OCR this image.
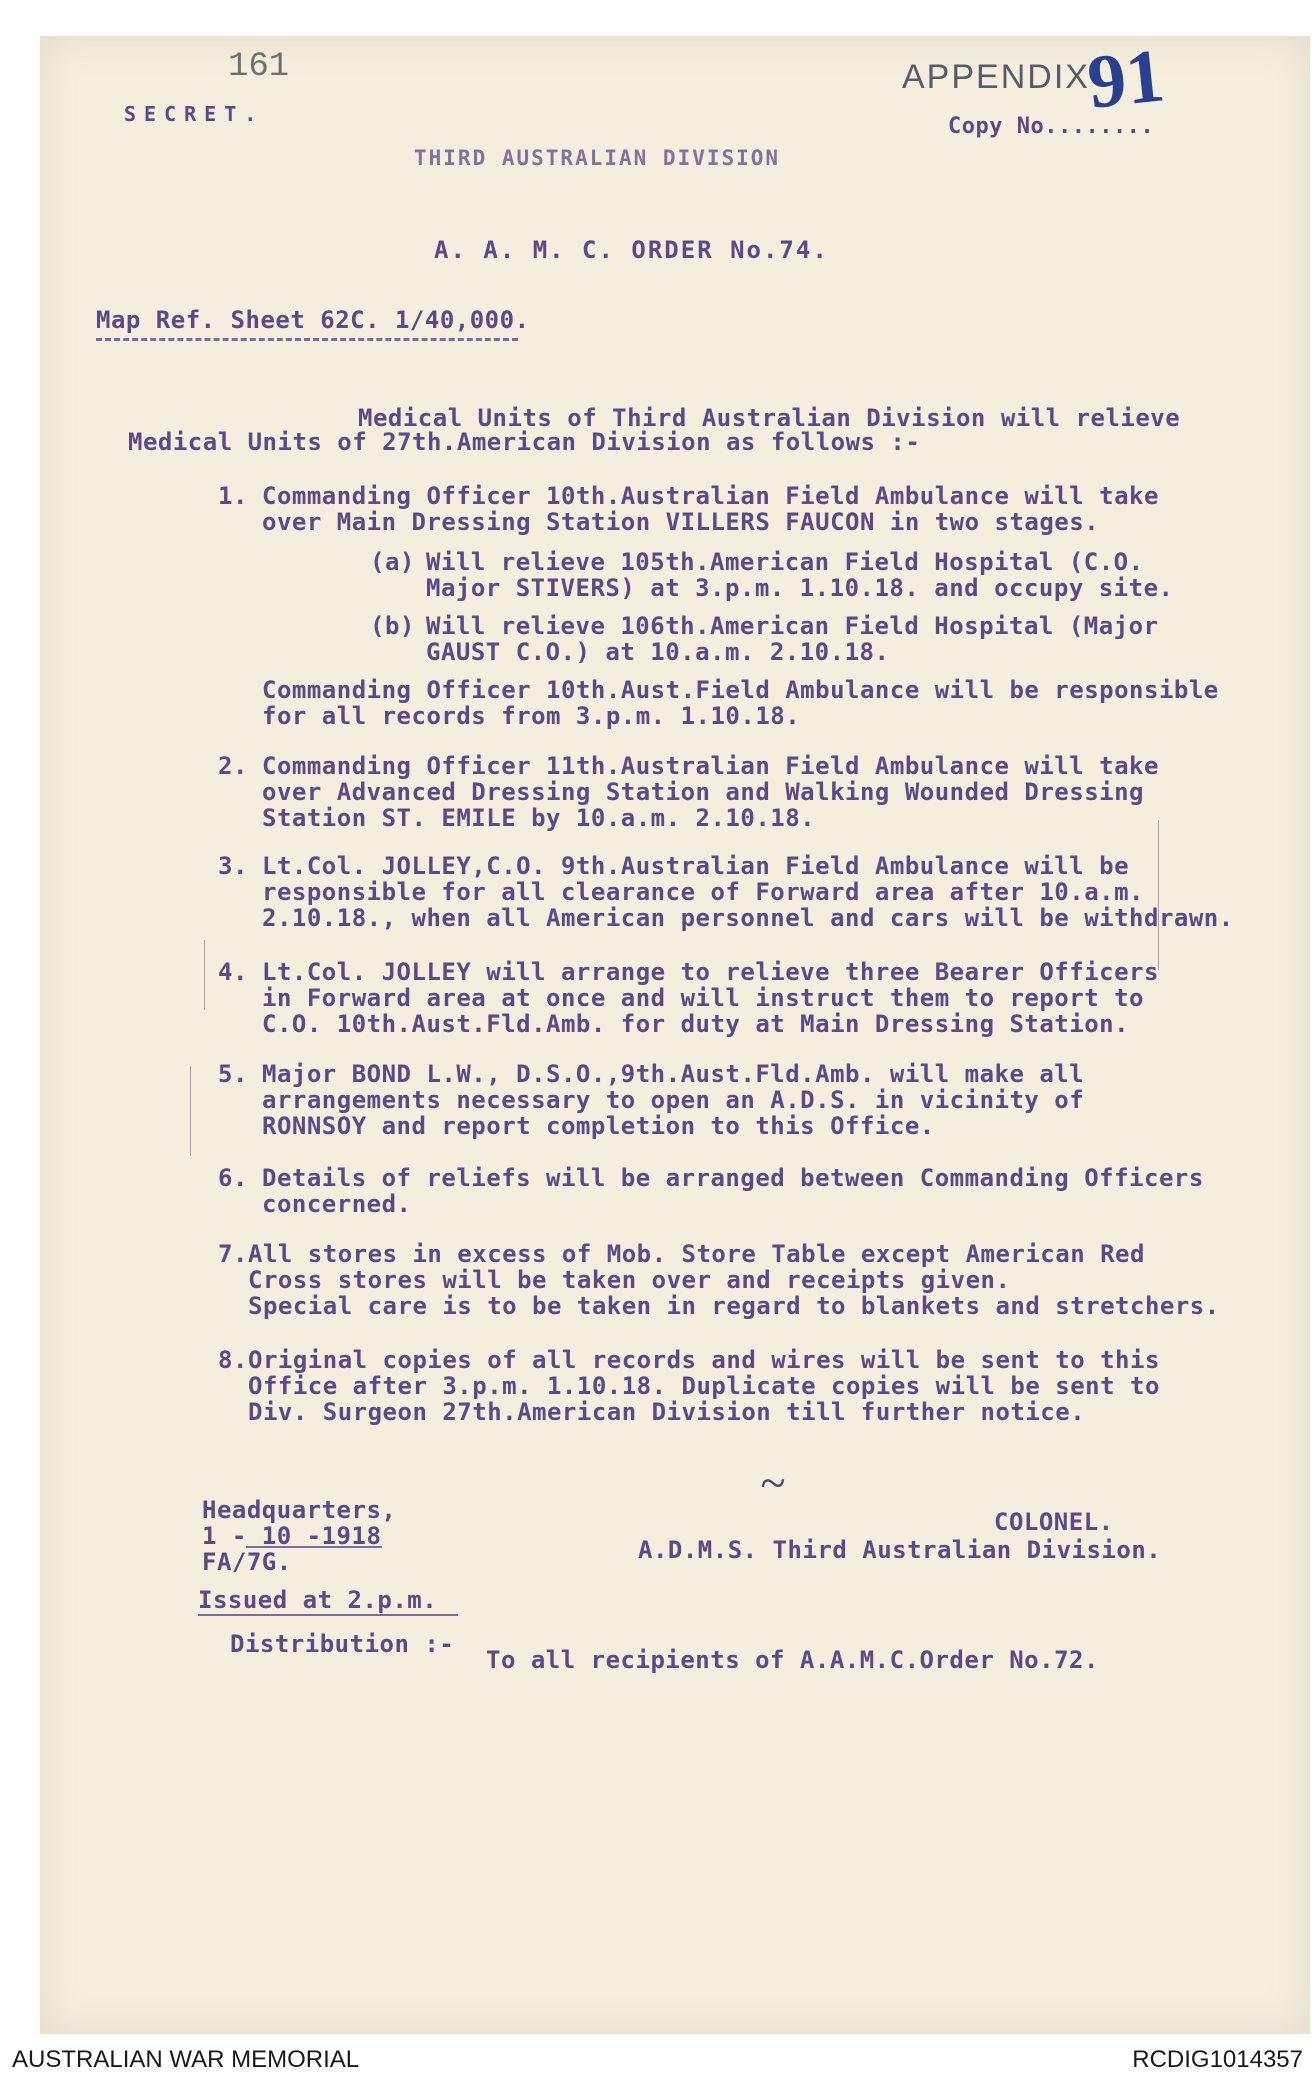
161
SECRET.
APPENDIX
91
Copy No........
THIRD AUSTRALIAN DIVISION
A. A. M. C. ORDER No.74.
Map Ref. Sheet 62C. 1/40,000.
Medical Units of Third Australian Division will relieve
Medical Units of 27th.American Division as follows :-
1. Commanding Officer 10th.Australian Field Ambulance will take
over Main Dressing Station VILLERS FAUCON in two stages.
(a) Will relieve 105th.American Field Hospital (C.O.
Major STIVERS) at 3.p.m. 1.10.18. and occupy site.
(b) Will relieve 106th.American Field Hospital (Major
GAUST C.O.) at 10.a.m. 2.10.18.
Commanding Officer 10th.Aust.Field Ambulance will be responsible
for all records from 3.p.m. 1.10.18.
2. Commanding Officer 11th.Australian Field Ambulance will take
over Advanced Dressing Station and Walking Wounded Dressing
Station ST. EMILE by 10.a.m. 2.10.18.
3. Lt.Col. JOLLEY,C.O. 9th.Australian Field Ambulance will be
responsible for all clearance of Forward area after 10.a.m.
2.10.18., when all American personnel and cars will be withdrawn.
4. Lt.Col. JOLLEY will arrange to relieve three Bearer Officers
in Forward area at once and will instruct them to report to
C.O. 10th.Aust.Fld.Amb. for duty at Main Dressing Station.
5. Major BOND L.W., D.S.O.,9th.Aust.Fld.Amb. will make all
arrangements necessary to open an A.D.S. in vicinity of
RONNSOY and report completion to this Office.
6. Details of reliefs will be arranged between Commanding Officers
concerned.
7. All stores in excess of Mob. Store Table except American Red
Cross stores will be taken over and receipts given.
Special care is to be taken in regard to blankets and stretchers.
8. Original copies of all records and wires will be sent to this
Office after 3.p.m. 1.10.18. Duplicate copies will be sent to
Div. Surgeon 27th.American Division till further notice.
Headquarters,
1 - 10 -1918
FA/7G.
~
COLONEL.
A.D.M.S. Third Australian Division.
Issued at 2.p.m.
Distribution :-
To all recipients of A.A.M.C.Order No.72.
AUSTRALIAN WAR MEMORIAL	RCDIG1014357
